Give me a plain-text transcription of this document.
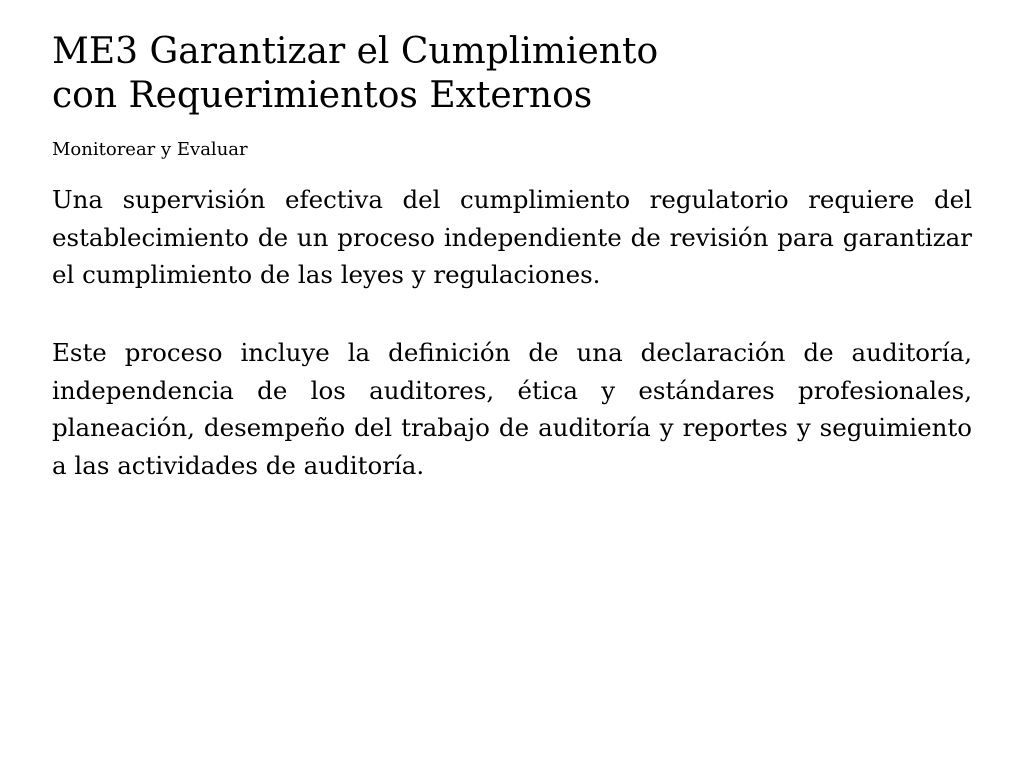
ME3 Garantizar el Cumplimiento
con Requerimientos Externos
Monitorear y Evaluar

Una supervisión efectiva del cumplimiento regulatorio requiere del establecimiento de un proceso independiente de revisión para garantizar el cumplimiento de las leyes y regulaciones.

Este proceso incluye la definición de una declaración de auditoría, independencia de los auditores, ética y estándares profesionales, planeación, desempeño del trabajo de auditoría y reportes y seguimiento a las actividades de auditoría.
